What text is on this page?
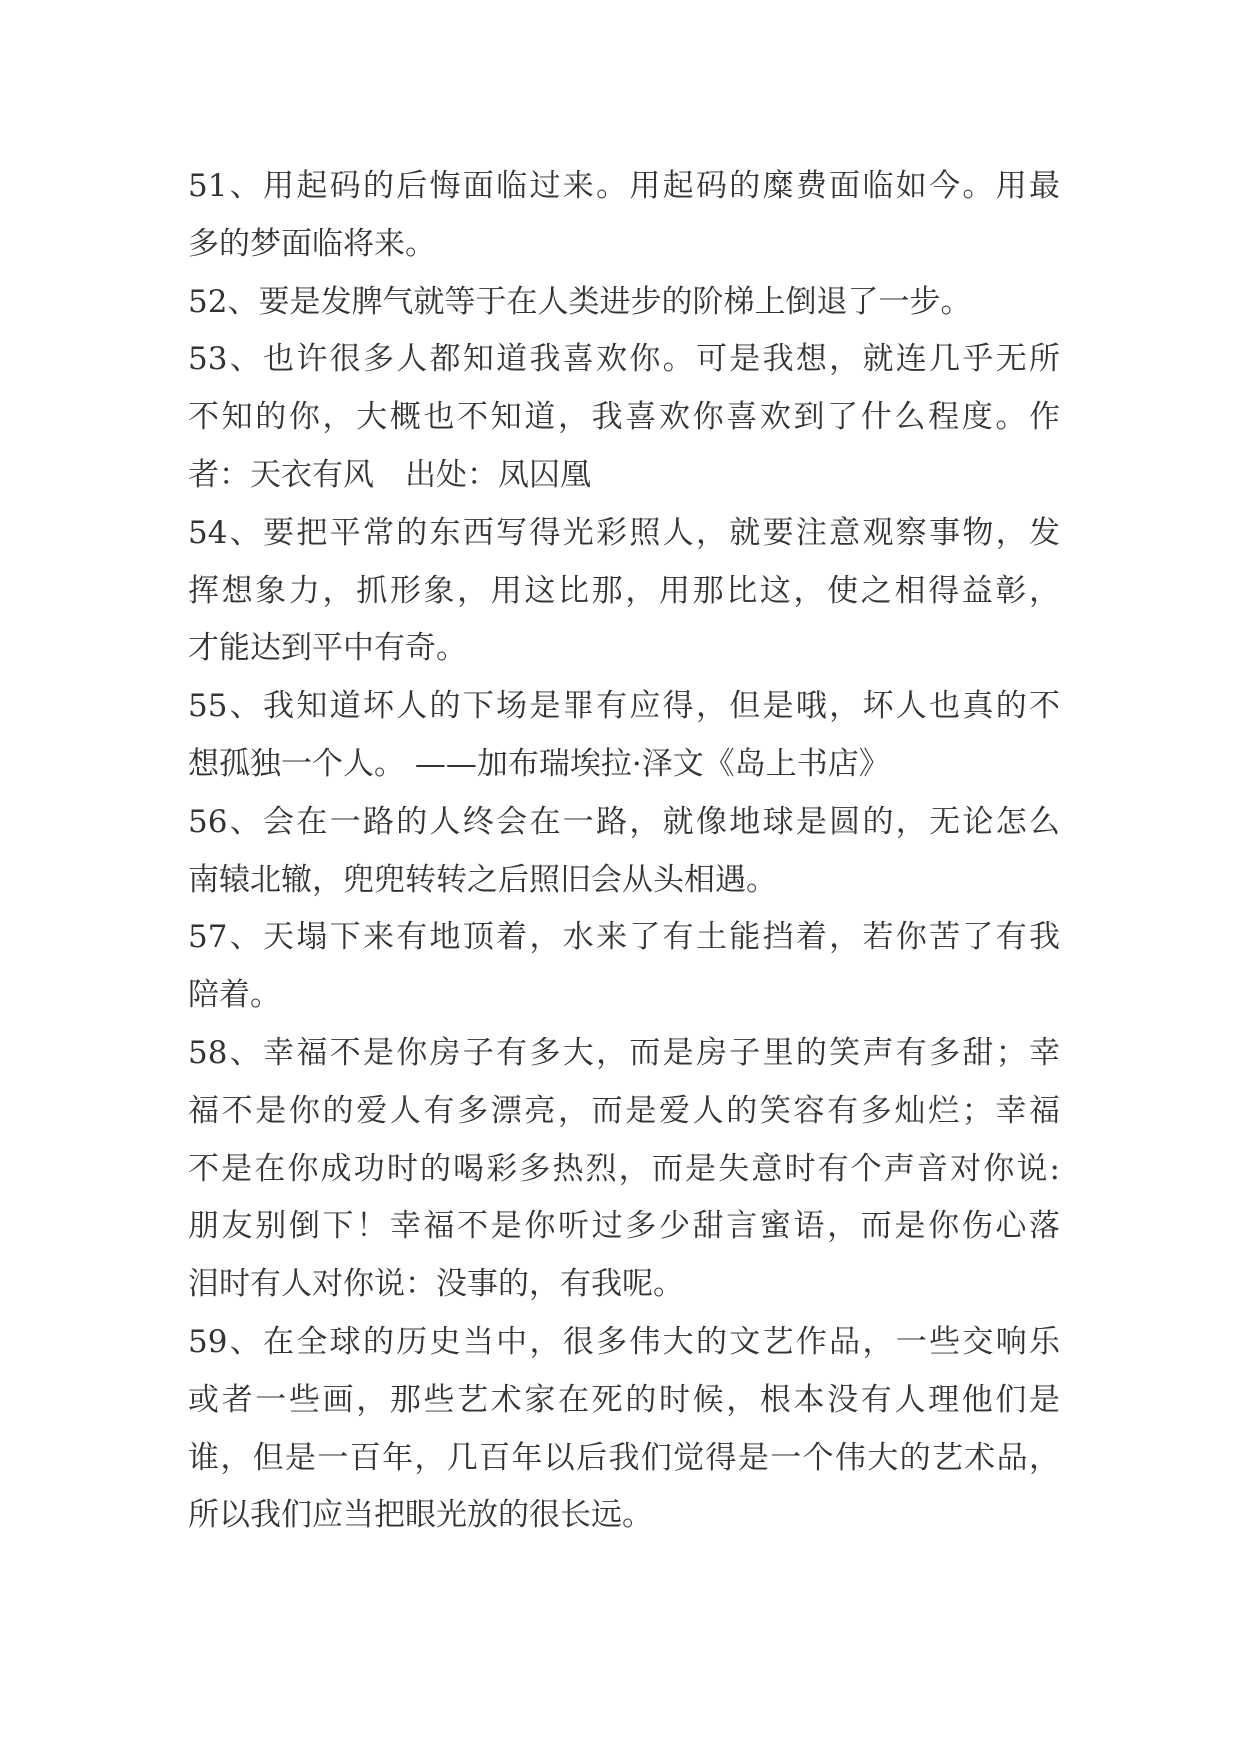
51、用起码的后悔面临过来。用起码的糜费面临如今。用最
多的梦面临将来。
52、要是发脾气就等于在人类进步的阶梯上倒退了一步。
53、也许很多人都知道我喜欢你。可是我想，就连几乎无所
不知的你，大概也不知道，我喜欢你喜欢到了什么程度。作
者：天衣有风　出处：凤囚凰
54、要把平常的东西写得光彩照人，就要注意观察事物，发
挥想象力，抓形象，用这比那，用那比这，使之相得益彰，
才能达到平中有奇。
55、我知道坏人的下场是罪有应得，但是哦，坏人也真的不
想孤独一个人。 ——加布瑞埃拉·泽文《岛上书店》
56、会在一路的人终会在一路，就像地球是圆的，无论怎么
南辕北辙，兜兜转转之后照旧会从头相遇。
57、天塌下来有地顶着，水来了有土能挡着，若你苦了有我
陪着。
58、幸福不是你房子有多大，而是房子里的笑声有多甜；幸
福不是你的爱人有多漂亮，而是爱人的笑容有多灿烂；幸福
不是在你成功时的喝彩多热烈，而是失意时有个声音对你说:
朋友别倒下！幸福不是你听过多少甜言蜜语，而是你伤心落
泪时有人对你说：没事的，有我呢。
59、在全球的历史当中，很多伟大的文艺作品，一些交响乐
或者一些画，那些艺术家在死的时候，根本没有人理他们是
谁，但是一百年，几百年以后我们觉得是一个伟大的艺术品，
所以我们应当把眼光放的很长远。
